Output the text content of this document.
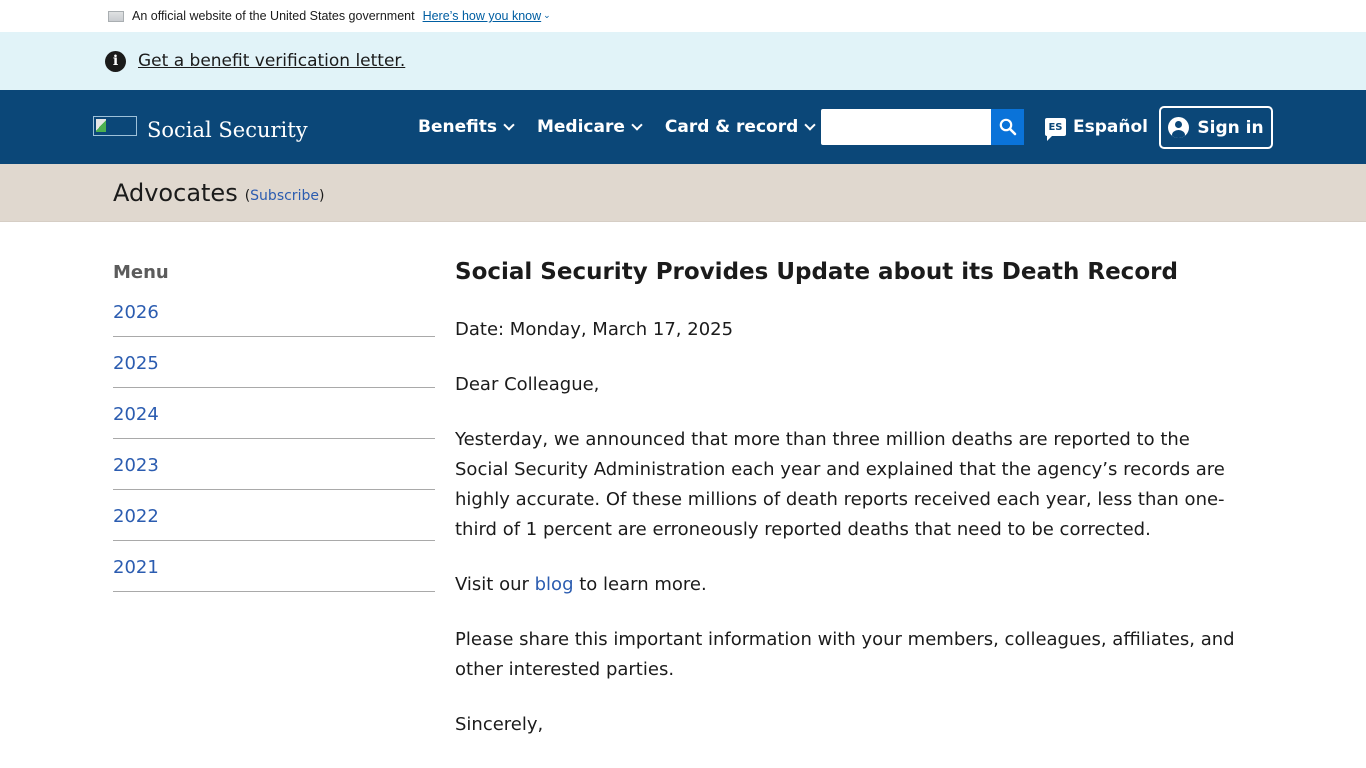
An official website of the United States government Here’s how you know ⌄
i	Get a benefit verification letter.
Social Security	Benefits Medicare Card & record	ES Español	Sign in
Advocates (Subscribe)
Menu
2026
2025
2024
2023
2022
2021
Social Security Provides Update about its Death Record

Date: Monday, March 17, 2025

Dear Colleague,

Yesterday, we announced that more than three million deaths are reported to the Social Security Administration each year and explained that the agency’s records are highly accurate. Of these millions of death reports received each year, less than one-third of 1 percent are erroneously reported deaths that need to be corrected.

Visit our blog to learn more.

Please share this important information with your members, colleagues, affiliates, and other interested parties.

Sincerely,
